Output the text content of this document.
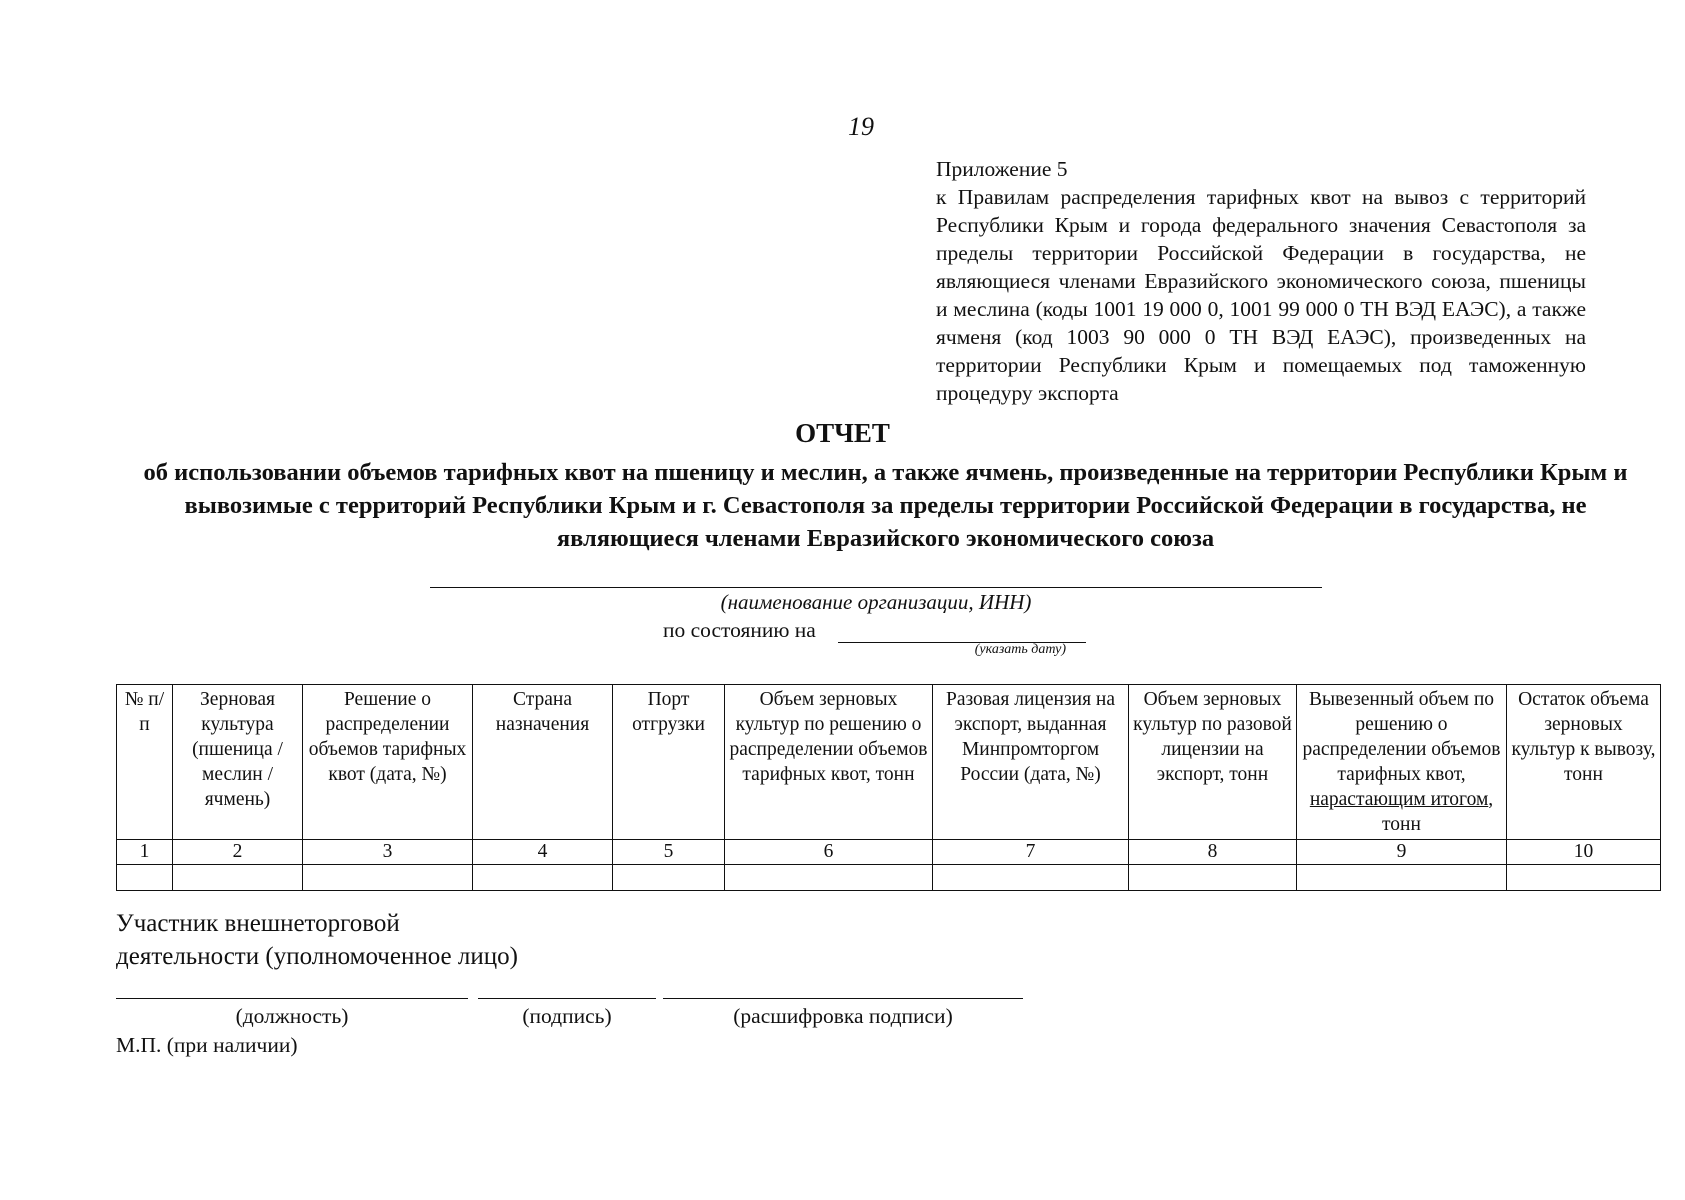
19
Приложение 5
к Правилам распределения тарифных квот на вывоз с территорий Республики Крым и города федерального значения Севастополя за пределы территории Российской Федерации в государства, не являющиеся членами Евразийского экономического союза, пшеницы и меслина (коды 1001 19 000 0, 1001 99 000 0 ТН ВЭД ЕАЭС), а также ячменя (код 1003 90 000 0 ТН ВЭД ЕАЭС), произведенных на территории Республики Крым и помещаемых под таможенную процедуру экспорта
ОТЧЕТ
об использовании объемов тарифных квот на пшеницу и меслин, а также ячмень, произведенные на территории Республики Крым и вывозимые с территорий Республики Крым и г. Севастополя за пределы территории Российской Федерации в государства, не являющиеся членами Евразийского экономического союза
(наименование организации, ИНН)
по состоянию на
(указать дату)
№ п/п	Зерновая культура (пшеница / меслин / ячмень)	Решение о распределении объемов тарифных квот (дата, №)	Страна назначения	Порт отгрузки	Объем зерновых культур по решению о распределении объемов тарифных квот, тонн	Разовая лицензия на экспорт, выданная Минпромторгом России (дата, №)	Объем зерновых культур по разовой лицензии на экспорт, тонн	Вывезенный объем по решению о распределении объемов тарифных квот, нарастающим итогом, тонн	Остаток объема зерновых культур к вывозу, тонн
1	2	3	4	5	6	7	8	9	10

Участник внешнеторговой
деятельности (уполномоченное лицо)
(должность)	(подпись)	(расшифровка подписи)
М.П. (при наличии)
